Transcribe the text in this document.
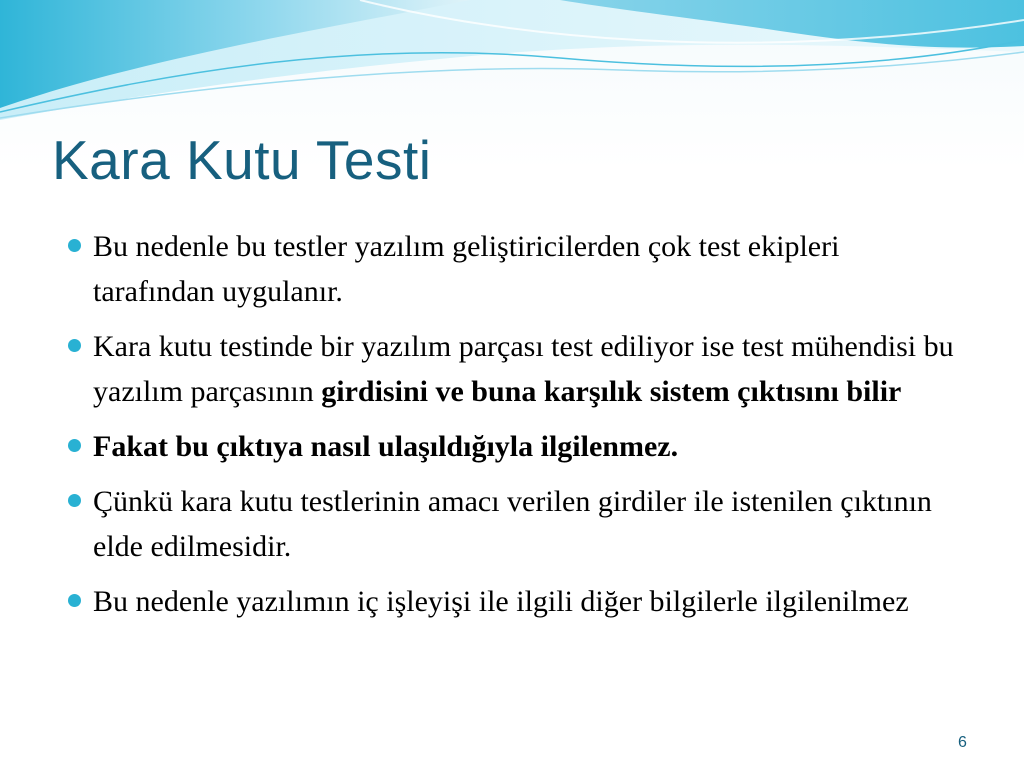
Kara Kutu Testi
Bu nedenle bu testler yazılım geliştiricilerden çok test ekipleri tarafından uygulanır.
Kara kutu testinde bir yazılım parçası test ediliyor ise test mühendisi bu yazılım parçasının girdisini ve buna karşılık sistem çıktısını bilir
Fakat bu çıktıya nasıl ulaşıldığıyla ilgilenmez.
Çünkü kara kutu testlerinin amacı verilen girdiler ile istenilen çıktının elde edilmesidir.
Bu nedenle yazılımın iç işleyişi ile ilgili diğer bilgilerle ilgilenilmez
6
